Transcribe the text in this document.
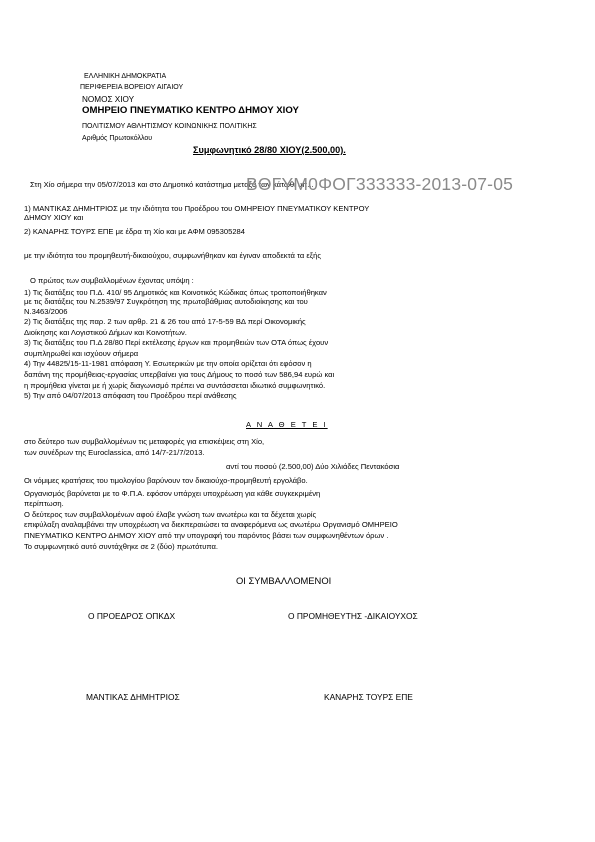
ΕΛΛΗΝΙΚΗ ΔΗΜΟΚΡΑΤΙΑ
ΠΕΡΙΦΕΡΕΙΑ ΒΟΡΕΙΟΥ ΑΙΓΑΙΟΥ
ΝΟΜΟΣ ΧΙΟΥ
ΟΜΗΡΕΙΟ ΠΝΕΥΜΑΤΙΚΟ ΚΕΝΤΡΟ ΔΗΜΟΥ ΧΙΟΥ
ΠΟΛΙΤΙΣΜΟΥ ΑΘΛΗΤΙΣΜΟΥ ΚΟΙΝΩΝΙΚΗΣ ΠΟΛΙΤΙΚΗΣ
Αριθμός Πρωτοκόλλου
Συμφωνητικό 28/80 ΧΙΟΥ(2.500,00).
Στη Χίο σήμερα την 05/07/2013 και στο Δημοτικό κατάστημα μεταξύ των κάτωθι υπ...
ΒΘΓΥΜ0ΦΟΓ333333-2013-07-05
1) ΜΑΝΤΙΚΑΣ ΔΗΜΗΤΡΙΟΣ με την ιδιότητα του Προέδρου του ΟΜΗΡΕΙΟΥ ΠΝΕΥΜΑΤΙΚΟΥ ΚΕΝΤΡΟΥ
ΔΗΜΟΥ ΧΙΟΥ και
2) ΚΑΝΑΡΗΣ ΤΟΥΡΣ ΕΠΕ με έδρα τη Χίο και με ΑΦΜ 095305284
με την ιδιότητα του προμηθευτή-δικαιούχου, συμφωνήθηκαν και έγιναν αποδεκτά τα εξής
Ο πρώτος των συμβαλλομένων έχοντας υπόψη :
1) Τις διατάξεις του Π.Δ. 410/ 95 Δημοτικός και Κοινοτικός Κώδικας όπως τροποποιήθηκαν
με τις διατάξεις του Ν.2539/97 Συγκρότηση της πρωτοβάθμιας αυτοδιοίκησης και του
Ν.3463/2006
2) Τις διατάξεις της παρ. 2 των αρθρ. 21 & 26 του από 17-5-59 ΒΔ περί Οικονομικής
Διοίκησης και Λογιστικού Δήμων και Κοινοτήτων.
3) Τις διατάξεις του Π.Δ 28/80 Περί εκτέλεσης έργων και προμηθειών των ΟΤΑ όπως έχουν
συμπληρωθεί και ισχύουν σήμερα
4) Την 44825/15-11-1981 απόφαση Υ. Εσωτερικών με την οποία ορίζεται ότι εφόσον η
δαπάνη της προμήθειας-εργασίας υπερβαίνει για τους Δήμους το ποσό των 586,94 ευρώ και
η προμήθεια γίνεται με ή χωρίς διαγωνισμό πρέπει να συντάσσεται ιδιωτικό συμφωνητικό.
5) Την από 04/07/2013 απόφαση του Προέδρου περί ανάθεσης
Α Ν Α Θ Ε Τ Ε Ι
στο δεύτερο των συμβαλλομένων τις μεταφορές για επισκέψεις στη Χίο,
των συνέδρων της Euroclassica, από 14/7-21/7/2013.
αντί του ποσού (2.500,00) Δύο Χιλιάδες Πεντακόσια
Οι νόμιμες κρατήσεις του τιμολογίου βαρύνουν τον δικαιούχο-προμηθευτή εργολάβο.
Οργανισμός βαρύνεται με το Φ.Π.Α. εφόσον υπάρχει υποχρέωση για κάθε συγκεκριμένη
περίπτωση.
Ο δεύτερος των συμβαλλομένων αφού έλαβε γνώση των ανωτέρω και τα δέχεται χωρίς
επιφύλαξη αναλαμβάνει την υποχρέωση να διεκπεραιώσει τα αναφερόμενα ως ανωτέρω Οργανισμό ΟΜΗΡΕΙΟ
ΠΝΕΥΜΑΤΙΚΟ ΚΕΝΤΡΟ ΔΗΜΟΥ ΧΙΟΥ από την υπογραφή του παρόντος βάσει των συμφωνηθέντων όρων .
Το συμφωνητικό αυτό συντάχθηκε σε 2 (δύο) πρωτότυπα.
ΟΙ ΣΥΜΒΑΛΛΟΜΕΝΟΙ
Ο ΠΡΟΕΔΡΟΣ ΟΠΚΔΧ	Ο ΠΡΟΜΗΘΕΥΤΗΣ -ΔΙΚΑΙΟΥΧΟΣ
ΜΑΝΤΙΚΑΣ ΔΗΜΗΤΡΙΟΣ	ΚΑΝΑΡΗΣ ΤΟΥΡΣ ΕΠΕ
